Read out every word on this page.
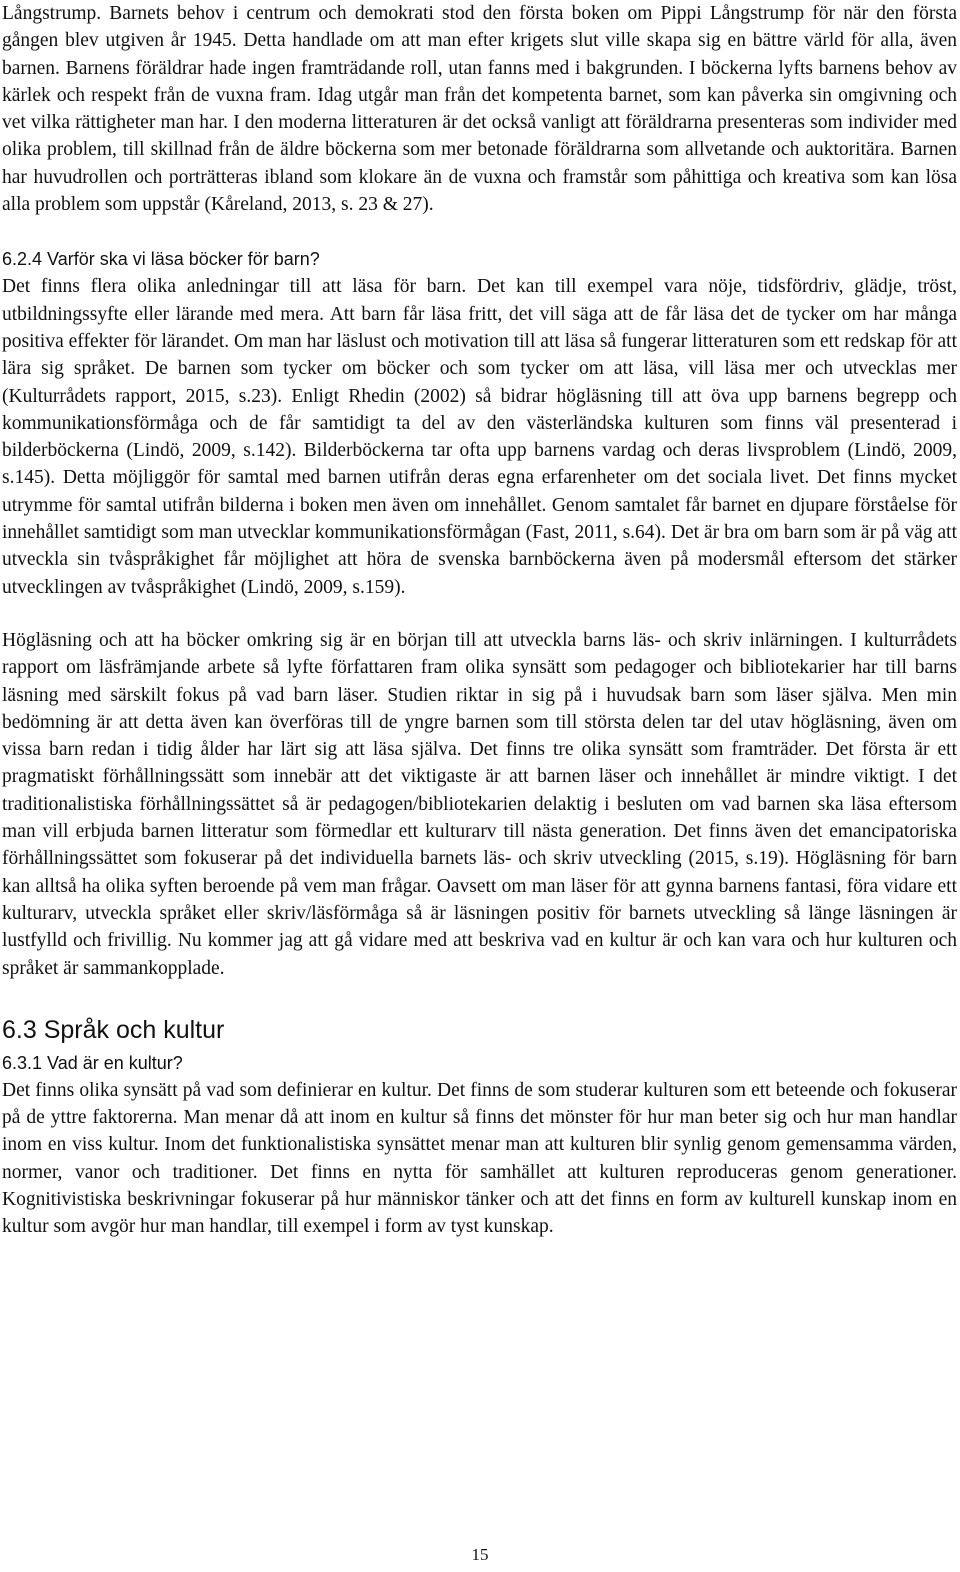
Långstrump. Barnets behov i centrum och demokrati stod den första boken om Pippi Långstrump för när den första gången blev utgiven år 1945. Detta handlade om att man efter krigets slut ville skapa sig en bättre värld för alla, även barnen. Barnens föräldrar hade ingen framträdande roll, utan fanns med i bakgrunden. I böckerna lyfts barnens behov av kärlek och respekt från de vuxna fram. Idag utgår man från det kompetenta barnet, som kan påverka sin omgivning och vet vilka rättigheter man har. I den moderna litteraturen är det också vanligt att föräldrarna presenteras som individer med olika problem, till skillnad från de äldre böckerna som mer betonade föräldrarna som allvetande och auktoritära. Barnen har huvudrollen och porträtteras ibland som klokare än de vuxna och framstår som påhittiga och kreativa som kan lösa alla problem som uppstår (Kåreland, 2013, s. 23 & 27).

6.2.4 Varför ska vi läsa böcker för barn?

Det finns flera olika anledningar till att läsa för barn. Det kan till exempel vara nöje, tidsfördriv, glädje, tröst, utbildningssyfte eller lärande med mera. Att barn får läsa fritt, det vill säga att de får läsa det de tycker om har många positiva effekter för lärandet. Om man har läslust och motivation till att läsa så fungerar litteraturen som ett redskap för att lära sig språket. De barnen som tycker om böcker och som tycker om att läsa, vill läsa mer och utvecklas mer (Kulturrådets rapport, 2015, s.23). Enligt Rhedin (2002) så bidrar högläsning till att öva upp barnens begrepp och kommunikationsförmåga och de får samtidigt ta del av den västerländska kulturen som finns väl presenterad i bilderböckerna (Lindö, 2009, s.142). Bilderböckerna tar ofta upp barnens vardag och deras livsproblem (Lindö, 2009, s.145). Detta möjliggör för samtal med barnen utifrån deras egna erfarenheter om det sociala livet. Det finns mycket utrymme för samtal utifrån bilderna i boken men även om innehållet. Genom samtalet får barnet en djupare förståelse för innehållet samtidigt som man utvecklar kommunikationsförmågan (Fast, 2011, s.64). Det är bra om barn som är på väg att utveckla sin tvåspråkighet får möjlighet att höra de svenska barnböckerna även på modersmål eftersom det stärker utvecklingen av tvåspråkighet (Lindö, 2009, s.159).

Högläsning och att ha böcker omkring sig är en början till att utveckla barns läs- och skriv inlärningen. I kulturrådets rapport om läsfrämjande arbete så lyfte författaren fram olika synsätt som pedagoger och bibliotekarier har till barns läsning med särskilt fokus på vad barn läser. Studien riktar in sig på i huvudsak barn som läser själva. Men min bedömning är att detta även kan överföras till de yngre barnen som till största delen tar del utav högläsning, även om vissa barn redan i tidig ålder har lärt sig att läsa själva. Det finns tre olika synsätt som framträder. Det första är ett pragmatiskt förhållningssätt som innebär att det viktigaste är att barnen läser och innehållet är mindre viktigt. I det traditionalistiska förhållningssättet så är pedagogen/bibliotekarien delaktig i besluten om vad barnen ska läsa eftersom man vill erbjuda barnen litteratur som förmedlar ett kulturarv till nästa generation. Det finns även det emancipatoriska förhållningssättet som fokuserar på det individuella barnets läs- och skriv utveckling (2015, s.19). Högläsning för barn kan alltså ha olika syften beroende på vem man frågar. Oavsett om man läser för att gynna barnens fantasi, föra vidare ett kulturarv, utveckla språket eller skriv/läsförmåga så är läsningen positiv för barnets utveckling så länge läsningen är lustfylld och frivillig. Nu kommer jag att gå vidare med att beskriva vad en kultur är och kan vara och hur kulturen och språket är sammankopplade.

6.3 Språk och kultur
6.3.1 Vad är en kultur?

Det finns olika synsätt på vad som definierar en kultur. Det finns de som studerar kulturen som ett beteende och fokuserar på de yttre faktorerna. Man menar då att inom en kultur så finns det mönster för hur man beter sig och hur man handlar inom en viss kultur. Inom det funktionalistiska synsättet menar man att kulturen blir synlig genom gemensamma värden, normer, vanor och traditioner. Det finns en nytta för samhället att kulturen reproduceras genom generationer. Kognitivistiska beskrivningar fokuserar på hur människor tänker och att det finns en form av kulturell kunskap inom en kultur som avgör hur man handlar, till exempel i form av tyst kunskap.

15
